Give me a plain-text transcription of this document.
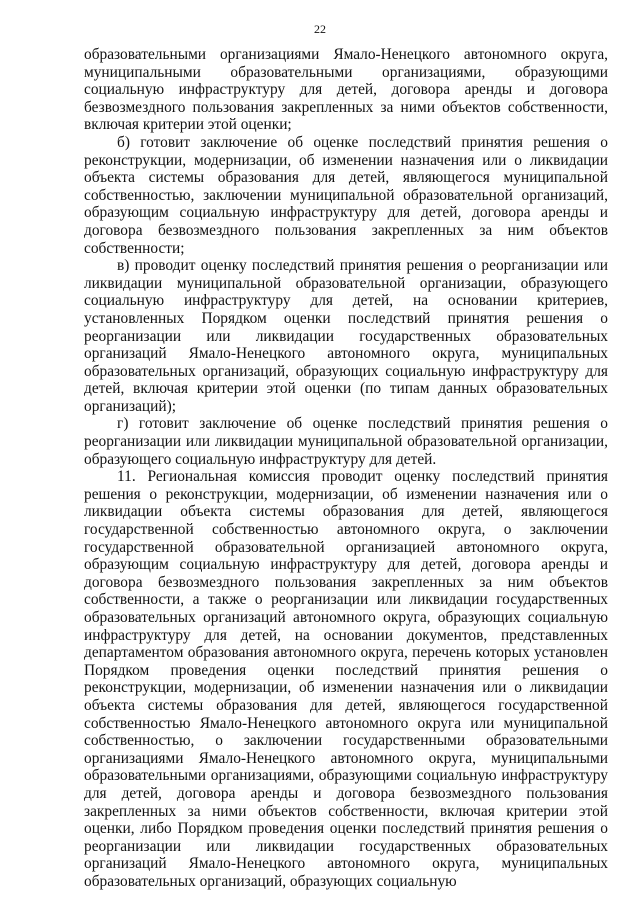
22

образовательными организациями Ямало-Ненецкого автономного округа, муниципальными образовательными организациями, образующими социальную инфраструктуру для детей, договора аренды и договора безвозмездного пользования закрепленных за ними объектов собственности, включая критерии этой оценки;

б) готовит заключение об оценке последствий принятия решения о реконструкции, модернизации, об изменении назначения или о ликвидации объекта системы образования для детей, являющегося муниципальной собственностью, заключении муниципальной образовательной организаций, образующим социальную инфраструктуру для детей, договора аренды и договора безвозмездного пользования закрепленных за ним объектов собственности;

в) проводит оценку последствий принятия решения о реорганизации или ликвидации муниципальной образовательной организации, образующего социальную инфраструктуру для детей, на основании критериев, установленных Порядком оценки последствий принятия решения о реорганизации или ликвидации государственных образовательных организаций Ямало-Ненецкого автономного округа, муниципальных образовательных организаций, образующих социальную инфраструктуру для детей, включая критерии этой оценки (по типам данных образовательных организаций);

г) готовит заключение об оценке последствий принятия решения о реорганизации или ликвидации муниципальной образовательной организации, образующего социальную инфраструктуру для детей.

11. Региональная комиссия проводит оценку последствий принятия решения о реконструкции, модернизации, об изменении назначения или о ликвидации объекта системы образования для детей, являющегося государственной собственностью автономного округа, о заключении государственной образовательной организацией автономного округа, образующим социальную инфраструктуру для детей, договора аренды и договора безвозмездного пользования закрепленных за ним объектов собственности, а также о реорганизации или ликвидации государственных образовательных организаций автономного округа, образующих социальную инфраструктуру для детей, на основании документов, представленных департаментом образования автономного округа, перечень которых установлен Порядком проведения оценки последствий принятия решения о реконструкции, модернизации, об изменении назначения или о ликвидации объекта системы образования для детей, являющегося государственной собственностью Ямало-Ненецкого автономного округа или муниципальной собственностью, о заключении государственными образовательными организациями Ямало-Ненецкого автономного округа, муниципальными образовательными организациями, образующими социальную инфраструктуру для детей, договора аренды и договора безвозмездного пользования закрепленных за ними объектов собственности, включая критерии этой оценки, либо Порядком проведения оценки последствий принятия решения о реорганизации или ликвидации государственных образовательных организаций Ямало-Ненецкого автономного округа, муниципальных образовательных организаций, образующих социальную
